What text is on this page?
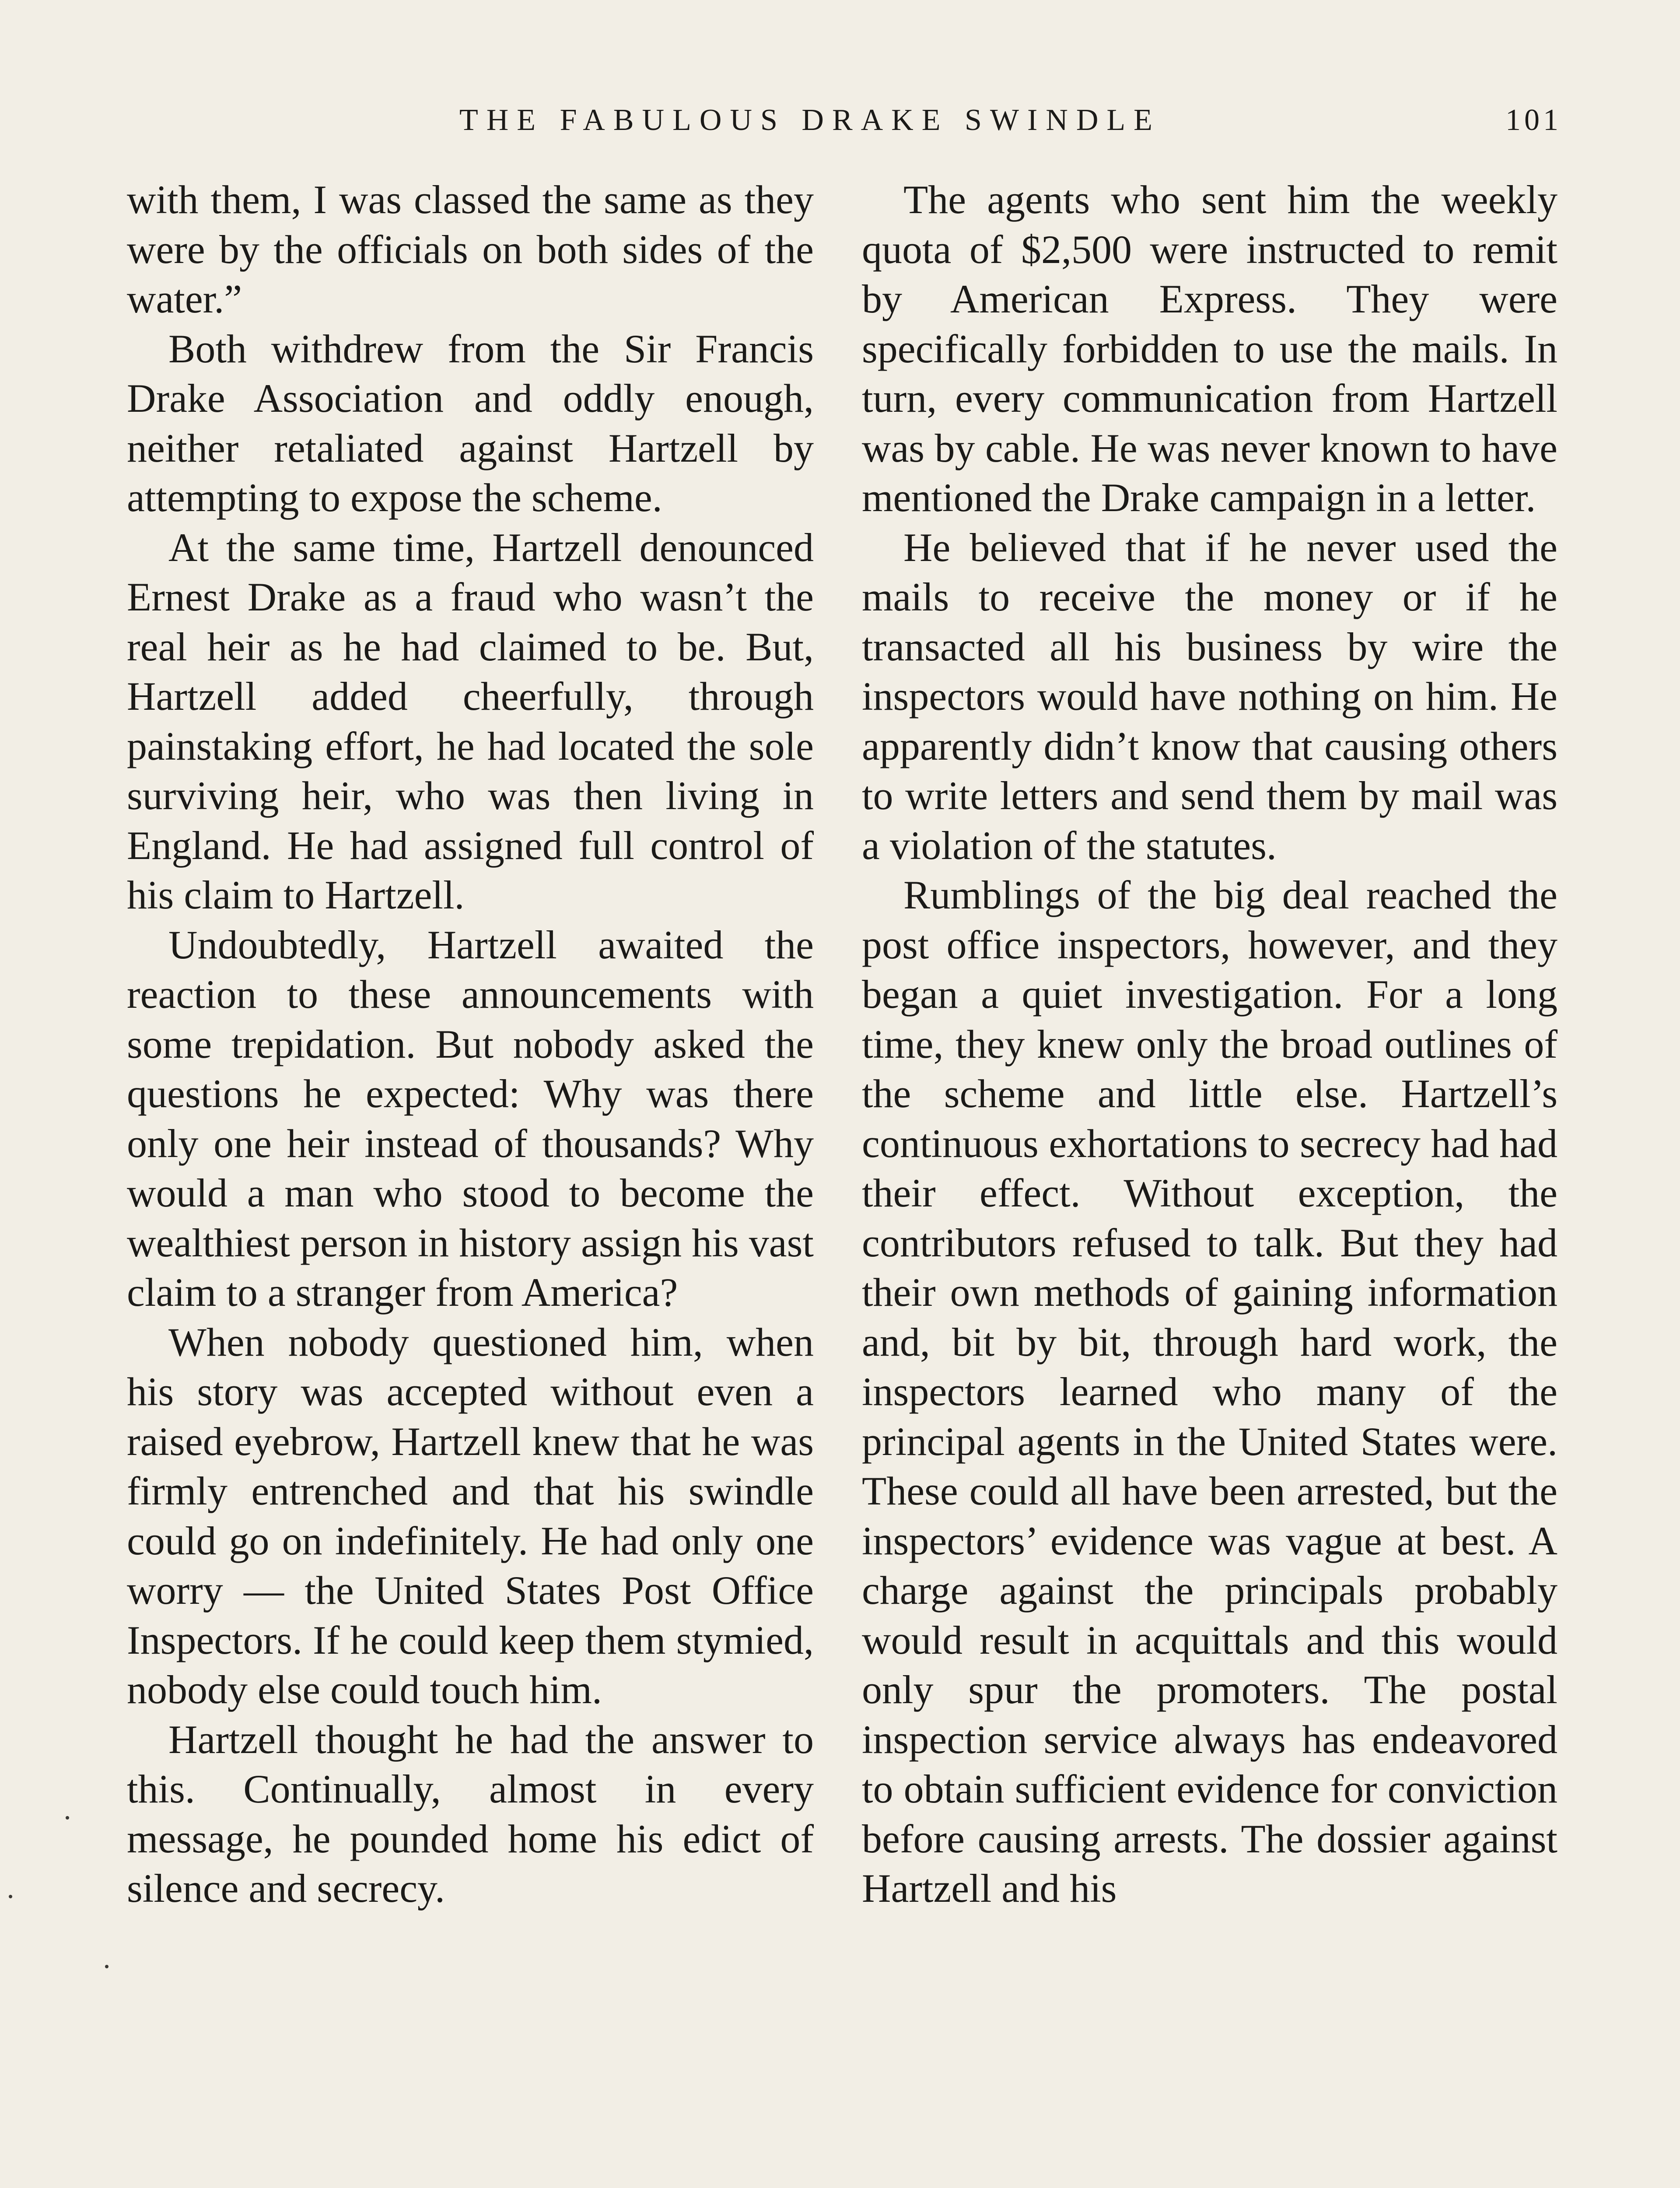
THE FABULOUS DRAKE SWINDLE	101

with them, I was classed the same as they were by the officials on both sides of the water.”

Both withdrew from the Sir Francis Drake Association and oddly enough, neither retaliated against Hartzell by attempting to expose the scheme.

At the same time, Hartzell denounced Ernest Drake as a fraud who wasn’t the real heir as he had claimed to be. But, Hartzell added cheerfully, through painstaking effort, he had located the sole surviving heir, who was then living in England. He had assigned full control of his claim to Hartzell.

Undoubtedly, Hartzell awaited the reaction to these announcements with some trepidation. But nobody asked the questions he expected: Why was there only one heir instead of thousands? Why would a man who stood to become the wealthiest person in history assign his vast claim to a stranger from America?

When nobody questioned him, when his story was accepted without even a raised eyebrow, Hartzell knew that he was firmly entrenched and that his swindle could go on indefinitely. He had only one worry — the United States Post Office Inspectors. If he could keep them stymied, nobody else could touch him.

Hartzell thought he had the answer to this. Continually, almost in every message, he pounded home his edict of silence and secrecy.

The agents who sent him the weekly quota of $2,500 were instructed to remit by American Express. They were specifically forbidden to use the mails. In turn, every communication from Hartzell was by cable. He was never known to have mentioned the Drake campaign in a letter.

He believed that if he never used the mails to receive the money or if he transacted all his business by wire the inspectors would have nothing on him. He apparently didn’t know that causing others to write letters and send them by mail was a violation of the statutes.

Rumblings of the big deal reached the post office inspectors, however, and they began a quiet investigation. For a long time, they knew only the broad outlines of the scheme and little else. Hartzell’s continuous exhortations to secrecy had had their effect. Without exception, the contributors refused to talk. But they had their own methods of gaining information and, bit by bit, through hard work, the inspectors learned who many of the principal agents in the United States were. These could all have been arrested, but the inspectors’ evidence was vague at best. A charge against the principals probably would result in acquittals and this would only spur the promoters. The postal inspection service always has endeavored to obtain sufficient evidence for conviction before causing arrests. The dossier against Hartzell and his
